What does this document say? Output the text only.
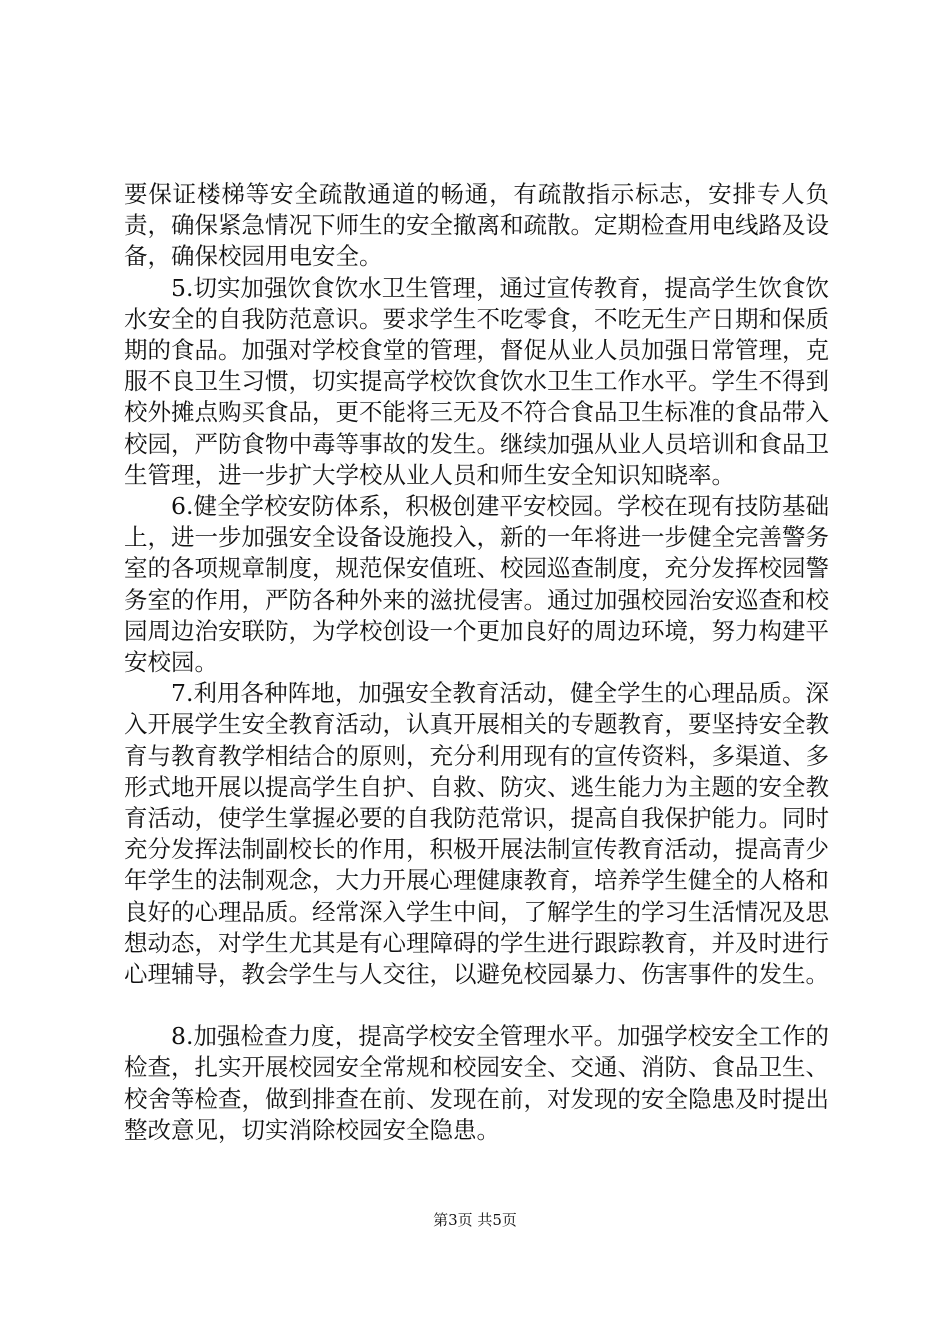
要保证楼梯等安全疏散通道的畅通，有疏散指示标志，安排专人负责，确保紧急情况下师生的安全撤离和疏散。定期检查用电线路及设备，确保校园用电安全。

5.切实加强饮食饮水卫生管理，通过宣传教育，提高学生饮食饮水安全的自我防范意识。要求学生不吃零食，不吃无生产日期和保质期的食品。加强对学校食堂的管理，督促从业人员加强日常管理，克服不良卫生习惯，切实提高学校饮食饮水卫生工作水平。学生不得到校外摊点购买食品，更不能将三无及不符合食品卫生标准的食品带入校园，严防食物中毒等事故的发生。继续加强从业人员培训和食品卫生管理，进一步扩大学校从业人员和师生安全知识知晓率。

6.健全学校安防体系，积极创建平安校园。学校在现有技防基础上，进一步加强安全设备设施投入，新的一年将进一步健全完善警务室的各项规章制度，规范保安值班、校园巡查制度，充分发挥校园警务室的作用，严防各种外来的滋扰侵害。通过加强校园治安巡查和校园周边治安联防，为学校创设一个更加良好的周边环境，努力构建平安校园。

7.利用各种阵地，加强安全教育活动，健全学生的心理品质。深入开展学生安全教育活动，认真开展相关的专题教育，要坚持安全教育与教育教学相结合的原则，充分利用现有的宣传资料，多渠道、多形式地开展以提高学生自护、自救、防灾、逃生能力为主题的安全教育活动，使学生掌握必要的自我防范常识，提高自我保护能力。同时充分发挥法制副校长的作用，积极开展法制宣传教育活动，提高青少年学生的法制观念，大力开展心理健康教育，培养学生健全的人格和良好的心理品质。经常深入学生中间，了解学生的学习生活情况及思想动态，对学生尤其是有心理障碍的学生进行跟踪教育，并及时进行心理辅导，教会学生与人交往，以避免校园暴力、伤害事件的发生。

8.加强检查力度，提高学校安全管理水平。加强学校安全工作的检查，扎实开展校园安全常规和校园安全、交通、消防、食品卫生、校舍等检查，做到排查在前、发现在前，对发现的安全隐患及时提出整改意见，切实消除校园安全隐患。

第3页 共5页
